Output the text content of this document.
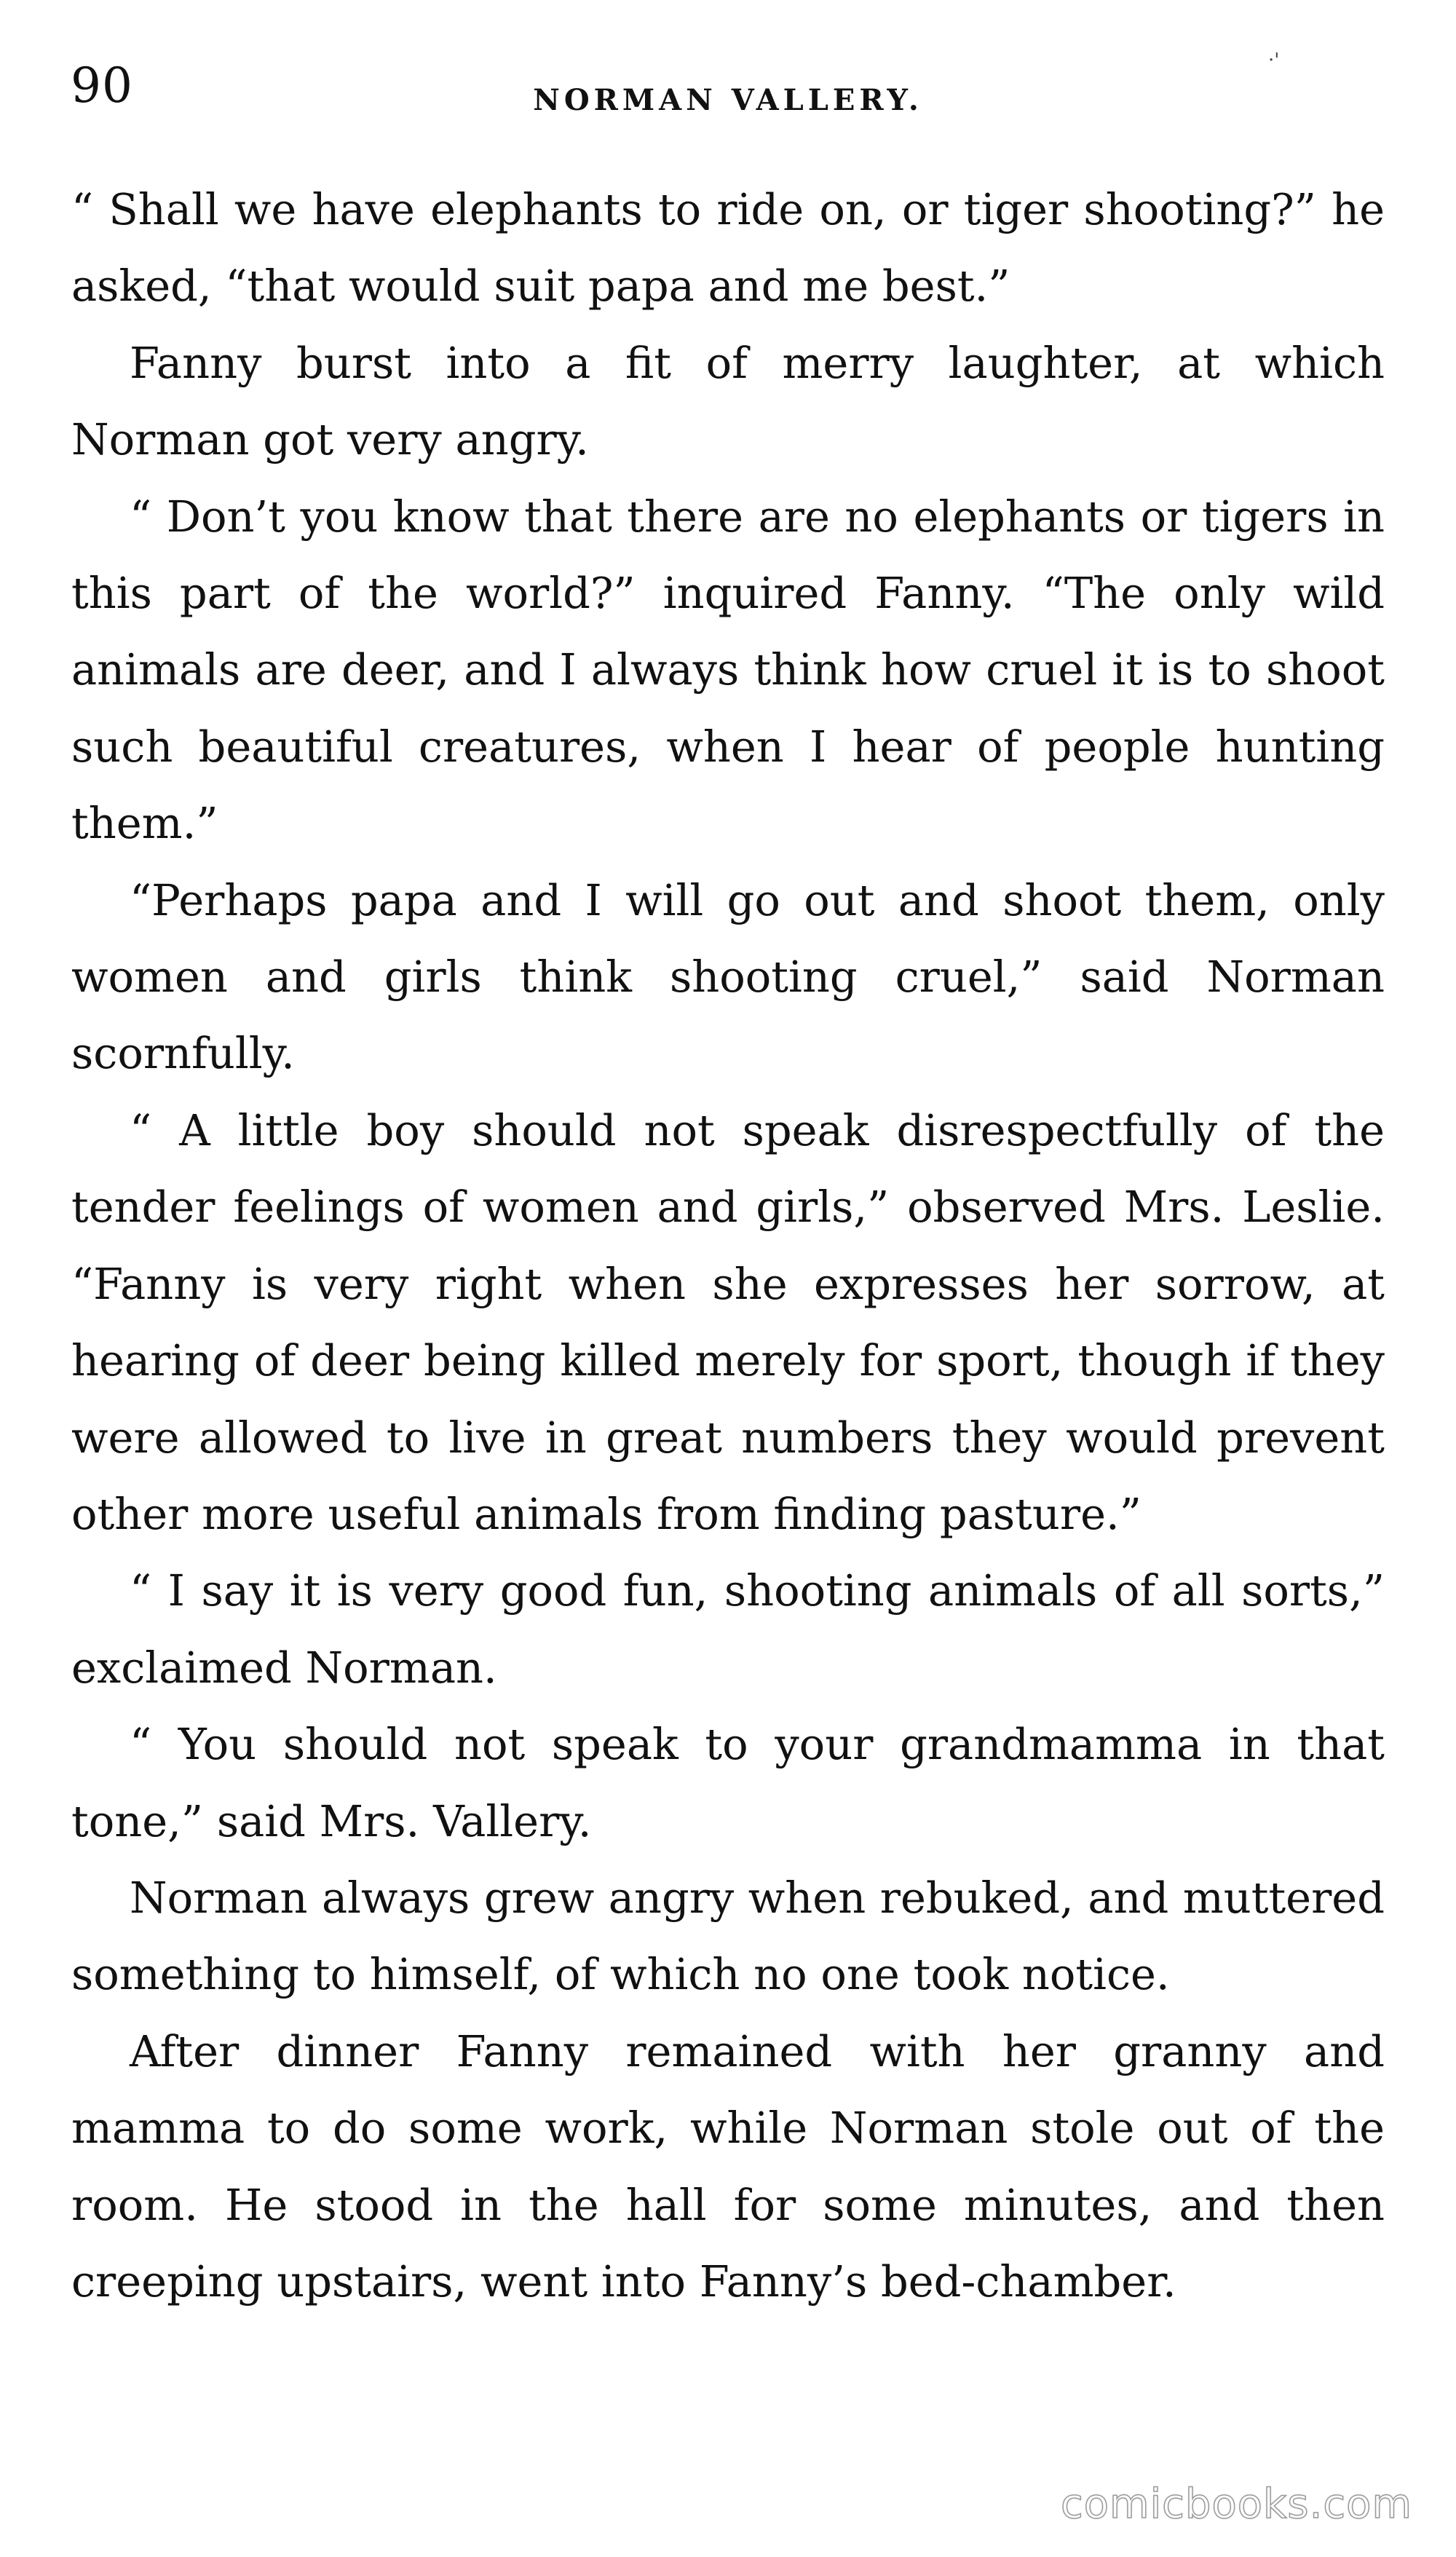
90	NORMAN VALLERY.
·'

“ Shall we have elephants to ride on, or tiger shooting?” he asked, “that would suit papa and me best.”

Fanny burst into a fit of merry laughter, at which Norman got very angry.

“ Don’t you know that there are no elephants or tigers in this part of the world?” inquired Fanny. “The only wild animals are deer, and I always think how cruel it is to shoot such beautiful creatures, when I hear of people hunting them.”

“Perhaps papa and I will go out and shoot them, only women and girls think shooting cruel,” said Norman scornfully.

“ A little boy should not speak disrespectfully of the tender feelings of women and girls,” observed Mrs. Leslie. “Fanny is very right when she expresses her sorrow, at hearing of deer being killed merely for sport, though if they were allowed to live in great numbers they would prevent other more useful animals from finding pasture.”

“ I say it is very good fun, shooting animals of all sorts,” exclaimed Norman.

“ You should not speak to your grandmamma in that tone,” said Mrs. Vallery.

Norman always grew angry when rebuked, and muttered something to himself, of which no one took notice.

After dinner Fanny remained with her granny and mamma to do some work, while Norman stole out of the room. He stood in the hall for some minutes, and then creeping upstairs, went into Fanny’s bed-chamber.

comicbooks.com
